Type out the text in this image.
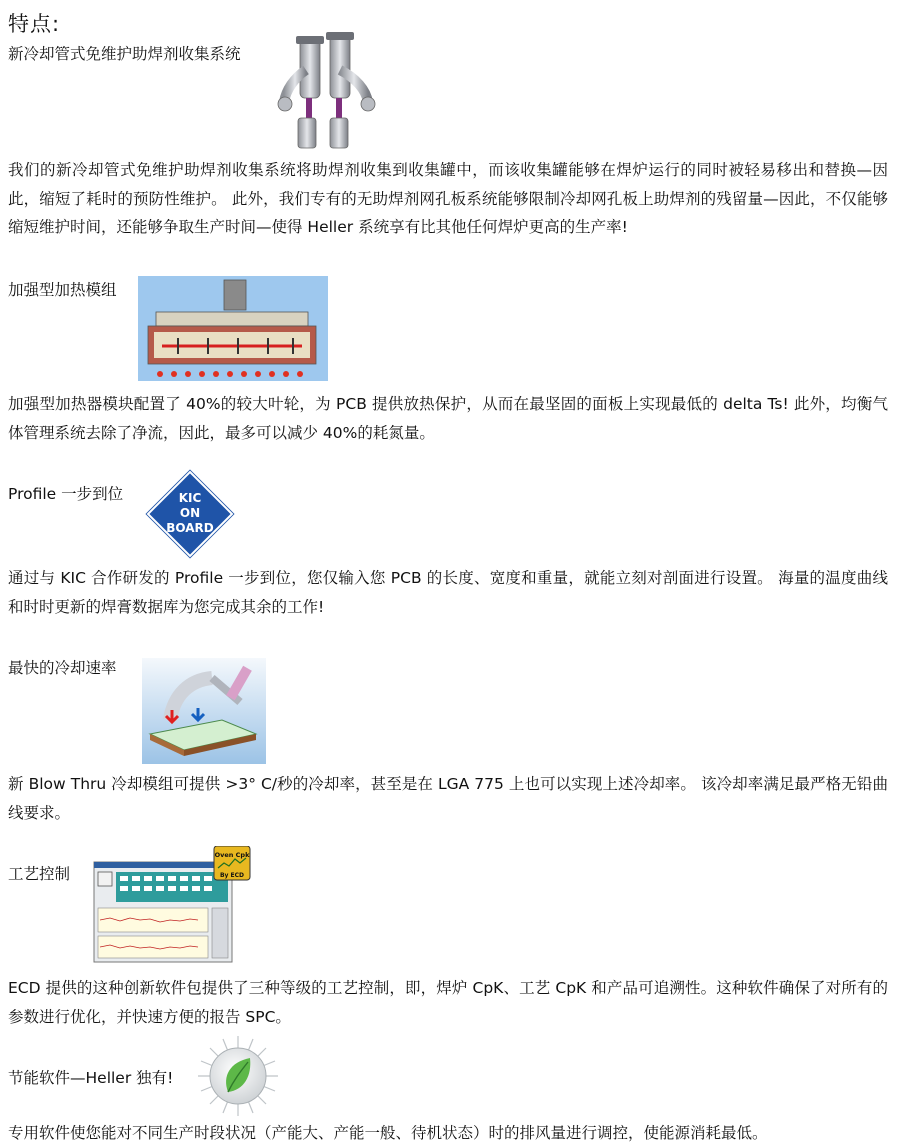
特点:
新冷却管式免维护助焊剂收集系统
我们的新冷却管式免维护助焊剂收集系统将助焊剂收集到收集罐中，而该收集罐能够在焊炉运行的同时被轻易移出和替换—因此，缩短了耗时的预防性维护。 此外，我们专有的无助焊剂网孔板系统能够限制冷却网孔板上助焊剂的残留量—因此，不仅能够缩短维护时间，还能够争取生产时间—使得 Heller 系统享有比其他任何焊炉更高的生产率!
加强型加热模组
加强型加热器模块配置了 40%的较大叶轮，为 PCB 提供放热保护，从而在最坚固的面板上实现最低的 delta Ts! 此外，均衡气体管理系统去除了净流，因此，最多可以减少 40%的耗氮量。
Profile 一步到位	KIC
ON
BOARD
通过与 KIC 合作研发的 Profile 一步到位，您仅输入您 PCB 的长度、宽度和重量，就能立刻对剖面进行设置。 海量的温度曲线和时时更新的焊膏数据库为您完成其余的工作!
最快的冷却速率
新 Blow Thru 冷却模组可提供 >3° C/秒的冷却率，甚至是在 LGA 775 上也可以实现上述冷却率。 该冷却率满足最严格无铅曲线要求。
工艺控制
Oven Cpk
By ECD
ECD 提供的这种创新软件包提供了三种等级的工艺控制，即，焊炉 CpK、工艺 CpK 和产品可追溯性。这种软件确保了对所有的参数进行优化，并快速方便的报告 SPC。
节能软件—Heller 独有!
专用软件使您能对不同生产时段状况（产能大、产能一般、待机状态）时的排风量进行调控，使能源消耗最低。
